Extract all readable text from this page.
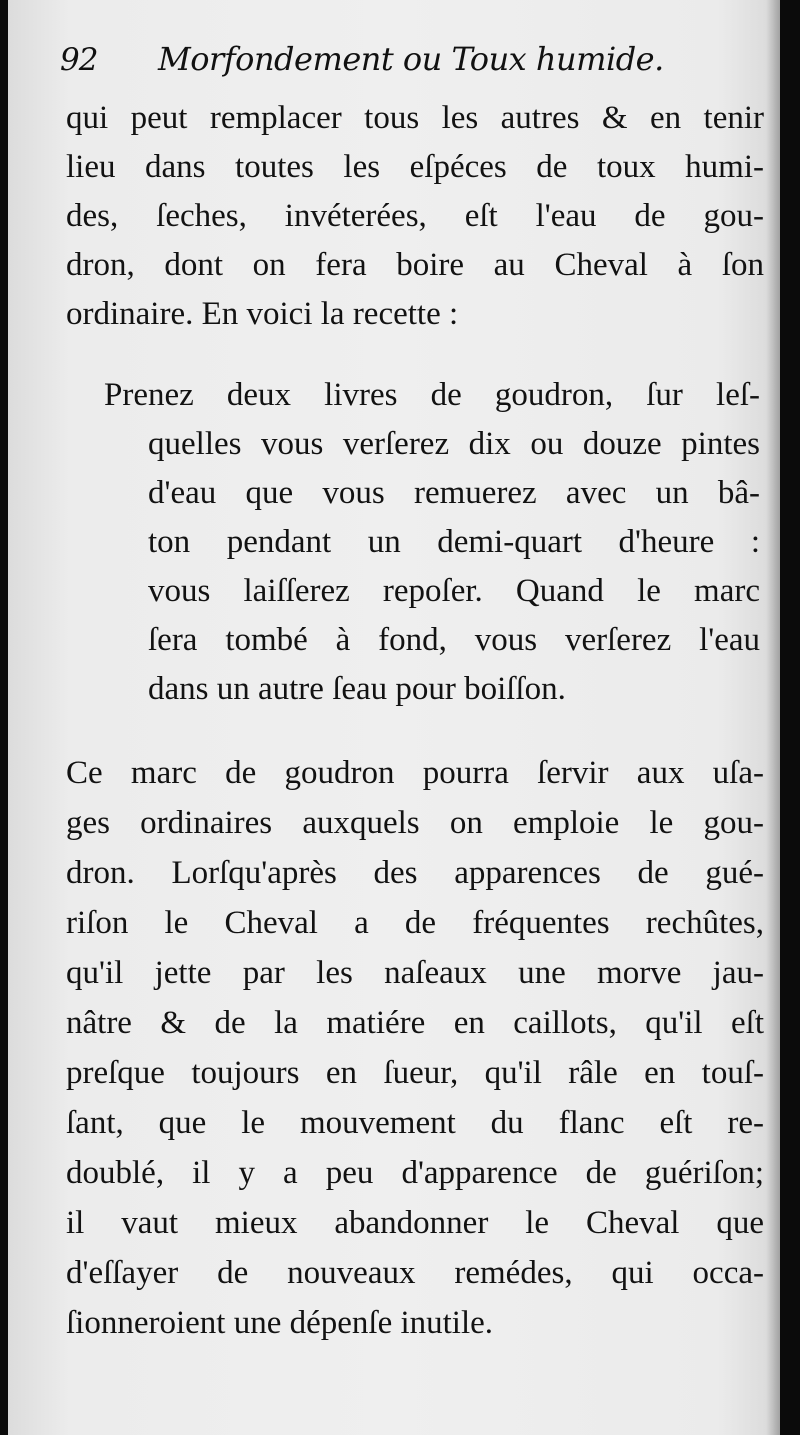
92 Morfondement ou Toux humide.
qui peut remplacer tous les autres & en tenir
lieu dans toutes les eſpéces de toux humi-
des, ſeches, invéterées, eſt l'eau de gou-
dron, dont on fera boire au Cheval à ſon
ordinaire. En voici la recette :
Prenez deux livres de goudron, ſur leſ-
quelles vous verſerez dix ou douze pintes
d'eau que vous remuerez avec un bâ-
ton pendant un demi-quart d'heure :
vous laiſſerez repoſer. Quand le marc
ſera tombé à fond, vous verſerez l'eau
dans un autre ſeau pour boiſſon.
Ce marc de goudron pourra ſervir aux uſa-
ges ordinaires auxquels on emploie le gou-
dron. Lorſqu'après des apparences de gué-
riſon le Cheval a de fréquentes rechûtes,
qu'il jette par les naſeaux une morve jau-
nâtre & de la matiére en caillots, qu'il eſt
preſque toujours en ſueur, qu'il râle en touſ-
ſant, que le mouvement du flanc eſt re-
doublé, il y a peu d'apparence de guériſon;
il vaut mieux abandonner le Cheval que
d'eſſayer de nouveaux remédes, qui occa-
ſionneroient une dépenſe inutile.
